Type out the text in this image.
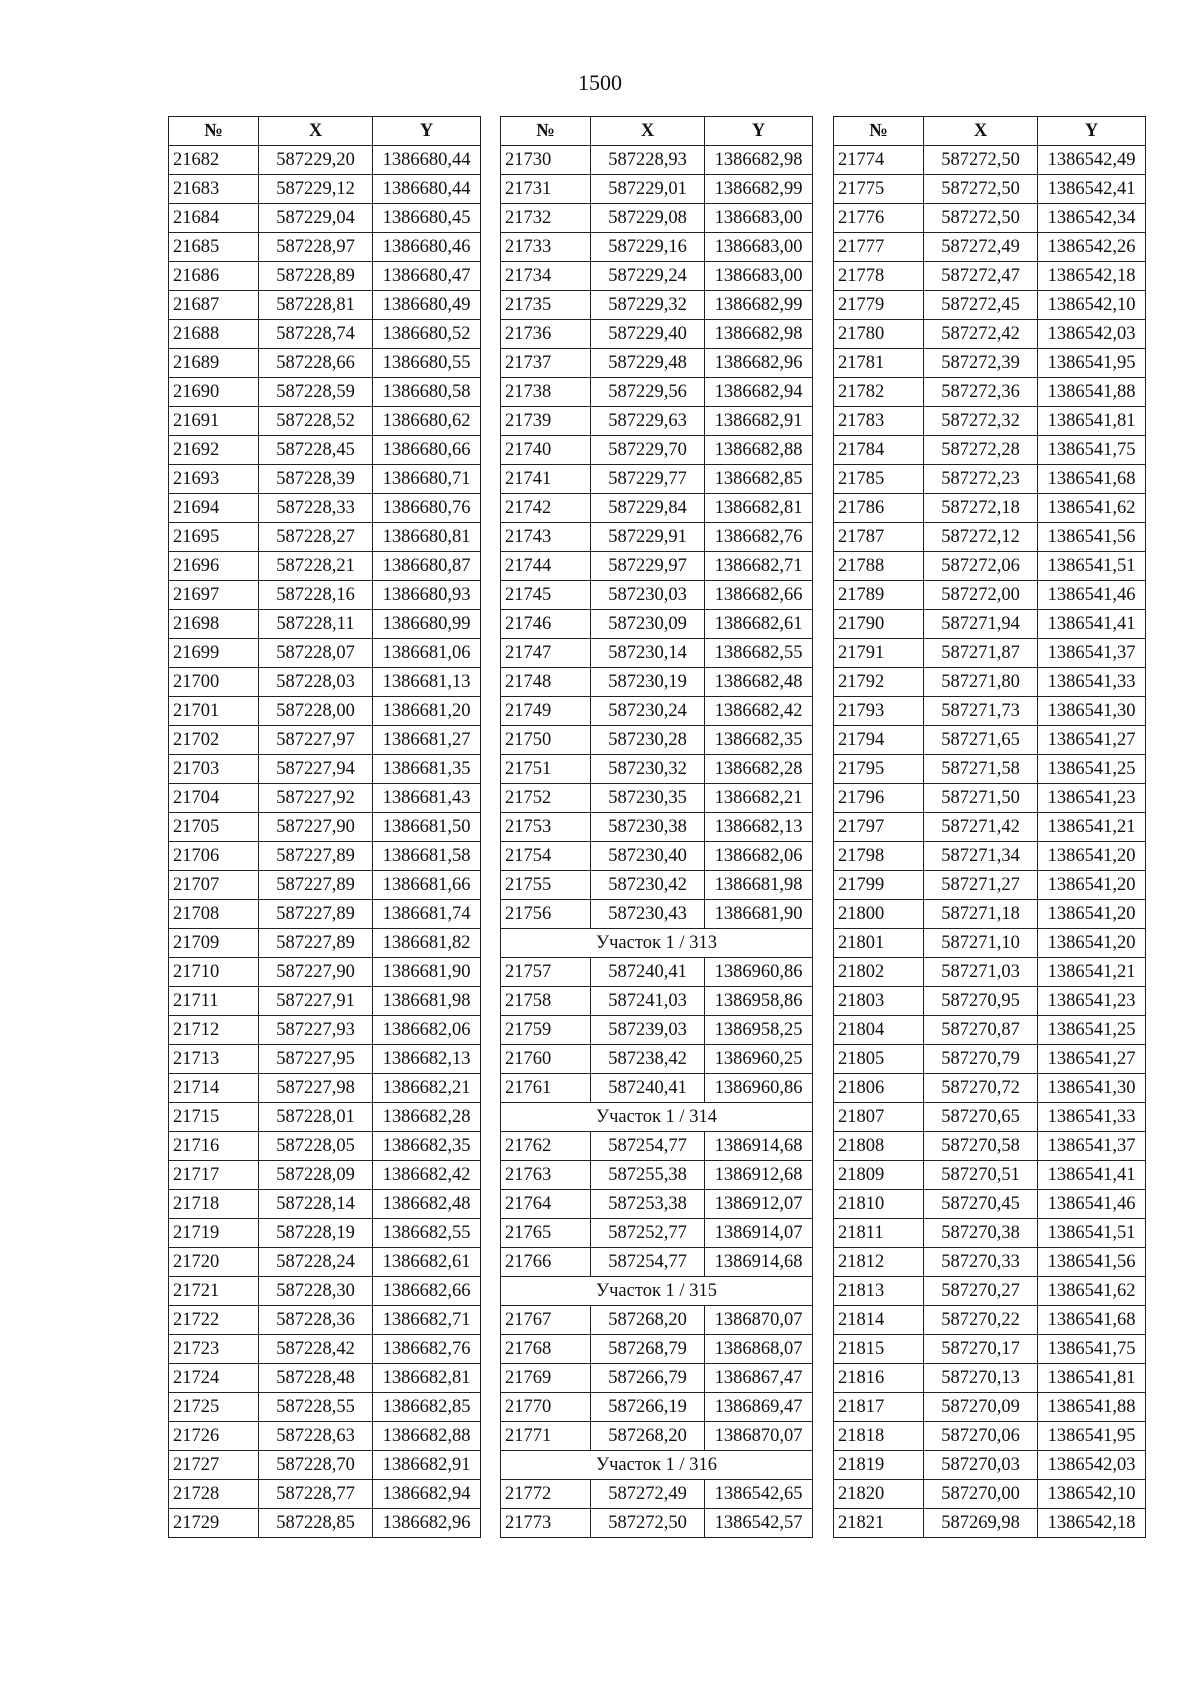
1500
№	X	Y
21682	587229,20	1386680,44
21683	587229,12	1386680,44
21684	587229,04	1386680,45
21685	587228,97	1386680,46
21686	587228,89	1386680,47
21687	587228,81	1386680,49
21688	587228,74	1386680,52
21689	587228,66	1386680,55
21690	587228,59	1386680,58
21691	587228,52	1386680,62
21692	587228,45	1386680,66
21693	587228,39	1386680,71
21694	587228,33	1386680,76
21695	587228,27	1386680,81
21696	587228,21	1386680,87
21697	587228,16	1386680,93
21698	587228,11	1386680,99
21699	587228,07	1386681,06
21700	587228,03	1386681,13
21701	587228,00	1386681,20
21702	587227,97	1386681,27
21703	587227,94	1386681,35
21704	587227,92	1386681,43
21705	587227,90	1386681,50
21706	587227,89	1386681,58
21707	587227,89	1386681,66
21708	587227,89	1386681,74
21709	587227,89	1386681,82
21710	587227,90	1386681,90
21711	587227,91	1386681,98
21712	587227,93	1386682,06
21713	587227,95	1386682,13
21714	587227,98	1386682,21
21715	587228,01	1386682,28
21716	587228,05	1386682,35
21717	587228,09	1386682,42
21718	587228,14	1386682,48
21719	587228,19	1386682,55
21720	587228,24	1386682,61
21721	587228,30	1386682,66
21722	587228,36	1386682,71
21723	587228,42	1386682,76
21724	587228,48	1386682,81
21725	587228,55	1386682,85
21726	587228,63	1386682,88
21727	587228,70	1386682,91
21728	587228,77	1386682,94
21729	587228,85	1386682,96
№	X	Y
21730	587228,93	1386682,98
21731	587229,01	1386682,99
21732	587229,08	1386683,00
21733	587229,16	1386683,00
21734	587229,24	1386683,00
21735	587229,32	1386682,99
21736	587229,40	1386682,98
21737	587229,48	1386682,96
21738	587229,56	1386682,94
21739	587229,63	1386682,91
21740	587229,70	1386682,88
21741	587229,77	1386682,85
21742	587229,84	1386682,81
21743	587229,91	1386682,76
21744	587229,97	1386682,71
21745	587230,03	1386682,66
21746	587230,09	1386682,61
21747	587230,14	1386682,55
21748	587230,19	1386682,48
21749	587230,24	1386682,42
21750	587230,28	1386682,35
21751	587230,32	1386682,28
21752	587230,35	1386682,21
21753	587230,38	1386682,13
21754	587230,40	1386682,06
21755	587230,42	1386681,98
21756	587230,43	1386681,90
Участок 1 / 313		
21757	587240,41	1386960,86
21758	587241,03	1386958,86
21759	587239,03	1386958,25
21760	587238,42	1386960,25
21761	587240,41	1386960,86
Участок 1 / 314		
21762	587254,77	1386914,68
21763	587255,38	1386912,68
21764	587253,38	1386912,07
21765	587252,77	1386914,07
21766	587254,77	1386914,68
Участок 1 / 315		
21767	587268,20	1386870,07
21768	587268,79	1386868,07
21769	587266,79	1386867,47
21770	587266,19	1386869,47
21771	587268,20	1386870,07
Участок 1 / 316		
21772	587272,49	1386542,65
21773	587272,50	1386542,57
№	X	Y
21774	587272,50	1386542,49
21775	587272,50	1386542,41
21776	587272,50	1386542,34
21777	587272,49	1386542,26
21778	587272,47	1386542,18
21779	587272,45	1386542,10
21780	587272,42	1386542,03
21781	587272,39	1386541,95
21782	587272,36	1386541,88
21783	587272,32	1386541,81
21784	587272,28	1386541,75
21785	587272,23	1386541,68
21786	587272,18	1386541,62
21787	587272,12	1386541,56
21788	587272,06	1386541,51
21789	587272,00	1386541,46
21790	587271,94	1386541,41
21791	587271,87	1386541,37
21792	587271,80	1386541,33
21793	587271,73	1386541,30
21794	587271,65	1386541,27
21795	587271,58	1386541,25
21796	587271,50	1386541,23
21797	587271,42	1386541,21
21798	587271,34	1386541,20
21799	587271,27	1386541,20
21800	587271,18	1386541,20
21801	587271,10	1386541,20
21802	587271,03	1386541,21
21803	587270,95	1386541,23
21804	587270,87	1386541,25
21805	587270,79	1386541,27
21806	587270,72	1386541,30
21807	587270,65	1386541,33
21808	587270,58	1386541,37
21809	587270,51	1386541,41
21810	587270,45	1386541,46
21811	587270,38	1386541,51
21812	587270,33	1386541,56
21813	587270,27	1386541,62
21814	587270,22	1386541,68
21815	587270,17	1386541,75
21816	587270,13	1386541,81
21817	587270,09	1386541,88
21818	587270,06	1386541,95
21819	587270,03	1386542,03
21820	587270,00	1386542,10
21821	587269,98	1386542,18
